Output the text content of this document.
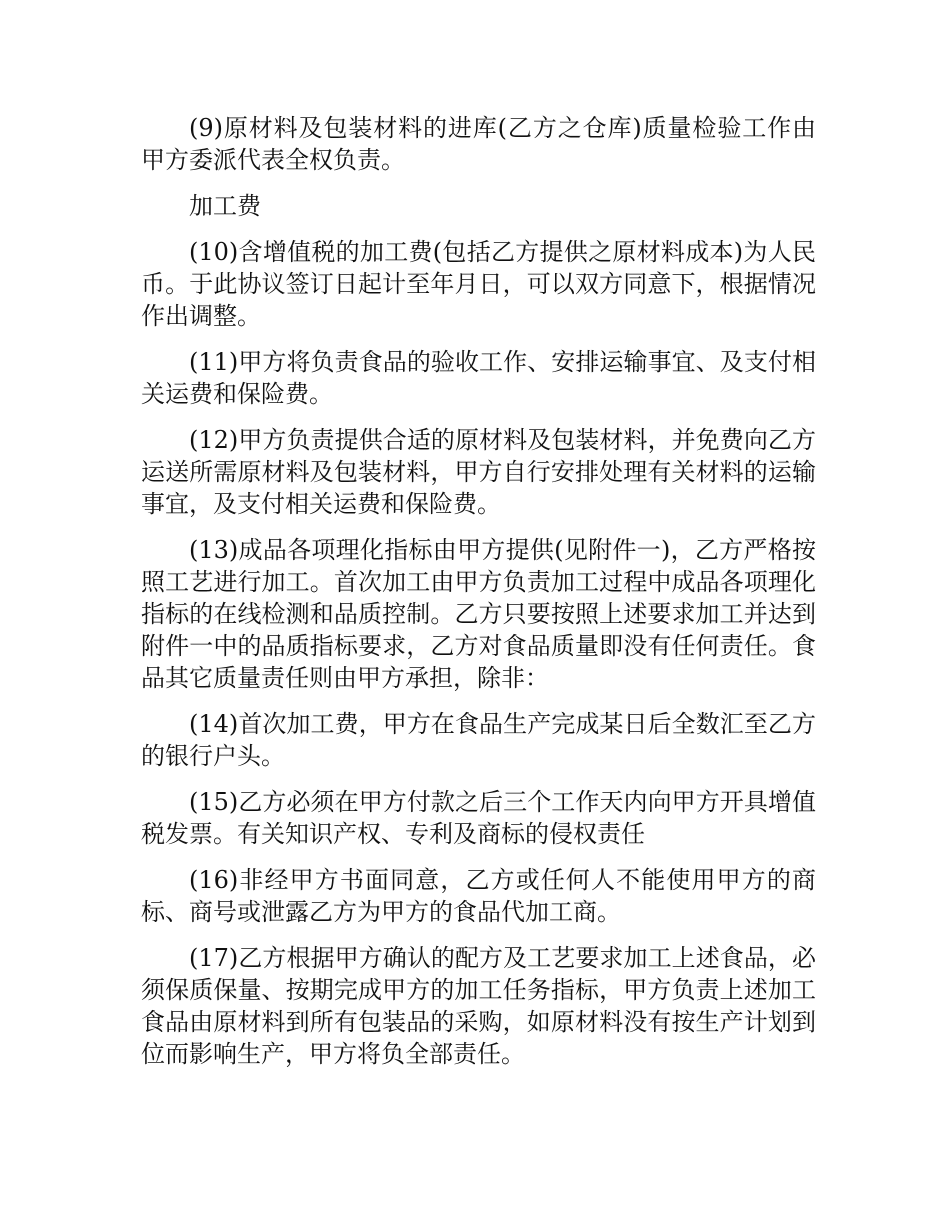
(9)原材料及包装材料的进库(乙方之仓库)质量检验工作由甲方委派代表全权负责。

加工费

(10)含增值税的加工费(包括乙方提供之原材料成本)为人民币。于此协议签订日起计至年月日，可以双方同意下，根据情况作出调整。

(11)甲方将负责食品的验收工作、安排运输事宜、及支付相关运费和保险费。

(12)甲方负责提供合适的原材料及包装材料，并免费向乙方运送所需原材料及包装材料，甲方自行安排处理有关材料的运输事宜，及支付相关运费和保险费。

(13)成品各项理化指标由甲方提供(见附件一)，乙方严格按照工艺进行加工。首次加工由甲方负责加工过程中成品各项理化指标的在线检测和品质控制。乙方只要按照上述要求加工并达到附件一中的品质指标要求，乙方对食品质量即没有任何责任。食品其它质量责任则由甲方承担，除非：

(14)首次加工费，甲方在食品生产完成某日后全数汇至乙方的银行户头。

(15)乙方必须在甲方付款之后三个工作天内向甲方开具增值税发票。有关知识产权、专利及商标的侵权责任

(16)非经甲方书面同意，乙方或任何人不能使用甲方的商标、商号或泄露乙方为甲方的食品代加工商。

(17)乙方根据甲方确认的配方及工艺要求加工上述食品，必须保质保量、按期完成甲方的加工任务指标，甲方负责上述加工食品由原材料到所有包装品的采购，如原材料没有按生产计划到位而影响生产，甲方将负全部责任。
